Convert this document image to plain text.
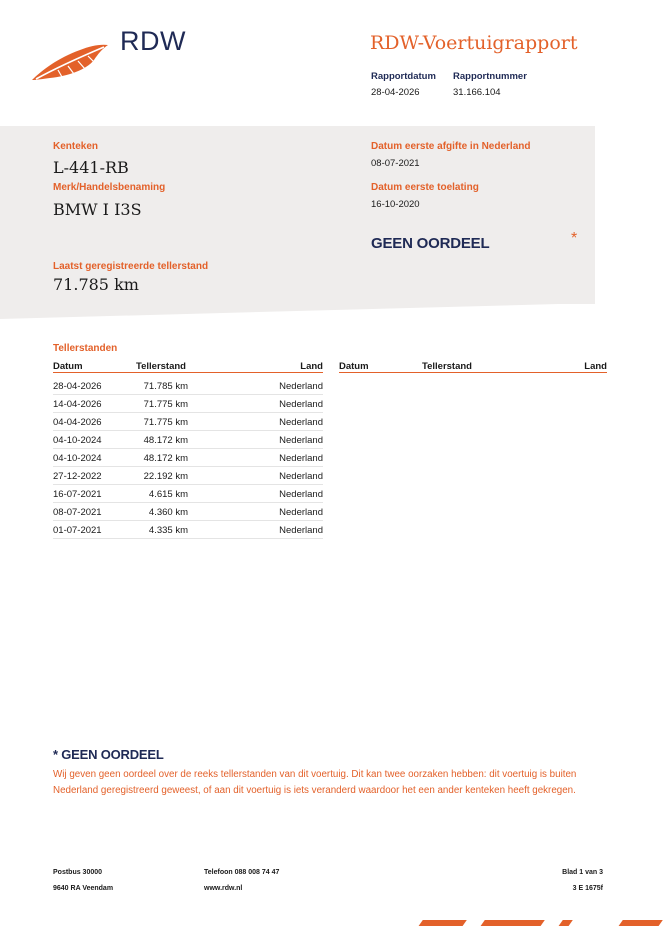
RDW	RDW-Voertuigrapport
Rapportdatum
28-04-2026
Rapportnummer
31.166.104
Kenteken
L-441-RB
Merk/Handelsbenaming
BMW I I3S
Laatst geregistreerde tellerstand
71.785 km
Datum eerste afgifte in Nederland
08-07-2021
Datum eerste toelating
16-10-2020
GEEN OORDEEL	*
Tellerstanden
Datum	Tellerstand	Land Datum	Tellerstand	Land
28-04-2026	71.785 km	Nederland
14-04-2026	71.775 km	Nederland
04-04-2026	71.775 km	Nederland
04-10-2024	48.172 km	Nederland
04-10-2024	48.172 km	Nederland
27-12-2022	22.192 km	Nederland
16-07-2021	4.615 km	Nederland
08-07-2021	4.360 km	Nederland
01-07-2021	4.335 km	Nederland
* GEEN OORDEEL
Wij geven geen oordeel over de reeks tellerstanden van dit voertuig. Dit kan twee oorzaken hebben: dit voertuig is buiten Nederland geregistreerd geweest, of aan dit voertuig is iets veranderd waardoor het een ander kenteken heeft gekregen.
Postbus 30000
9640 RA Veendam
Telefoon 088 008 74 47
www.rdw.nl
Blad 1 van 3
3 E 1675f
